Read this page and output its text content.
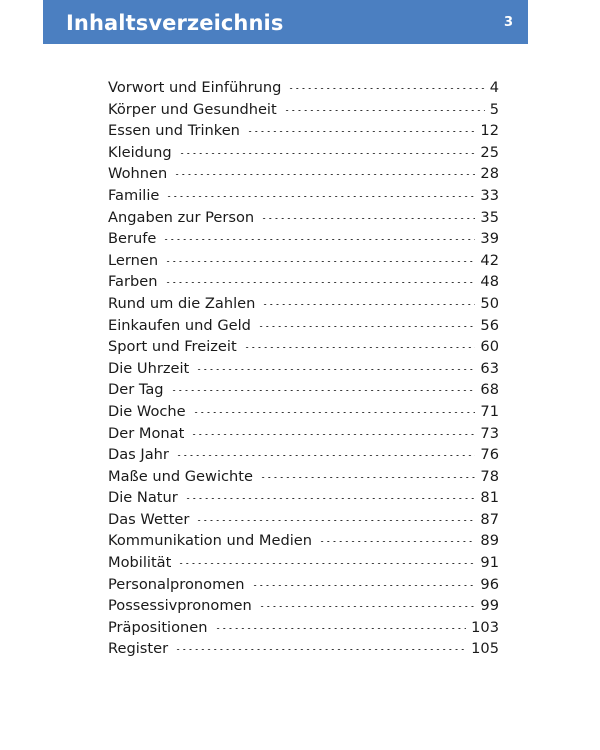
Inhaltsverzeichnis	3
Vorwort und Einführung	4
Körper und Gesundheit	5
Essen und Trinken	12
Kleidung	25
Wohnen	28
Familie	33
Angaben zur Person	35
Berufe	39
Lernen	42
Farben	48
Rund um die Zahlen	50
Einkaufen und Geld	56
Sport und Freizeit	60
Die Uhrzeit	63
Der Tag	68
Die Woche	71
Der Monat	73
Das Jahr	76
Maße und Gewichte	78
Die Natur	81
Das Wetter	87
Kommunikation und Medien	89
Mobilität	91
Personalpronomen	96
Possessivpronomen	99
Präpositionen	103
Register	105
